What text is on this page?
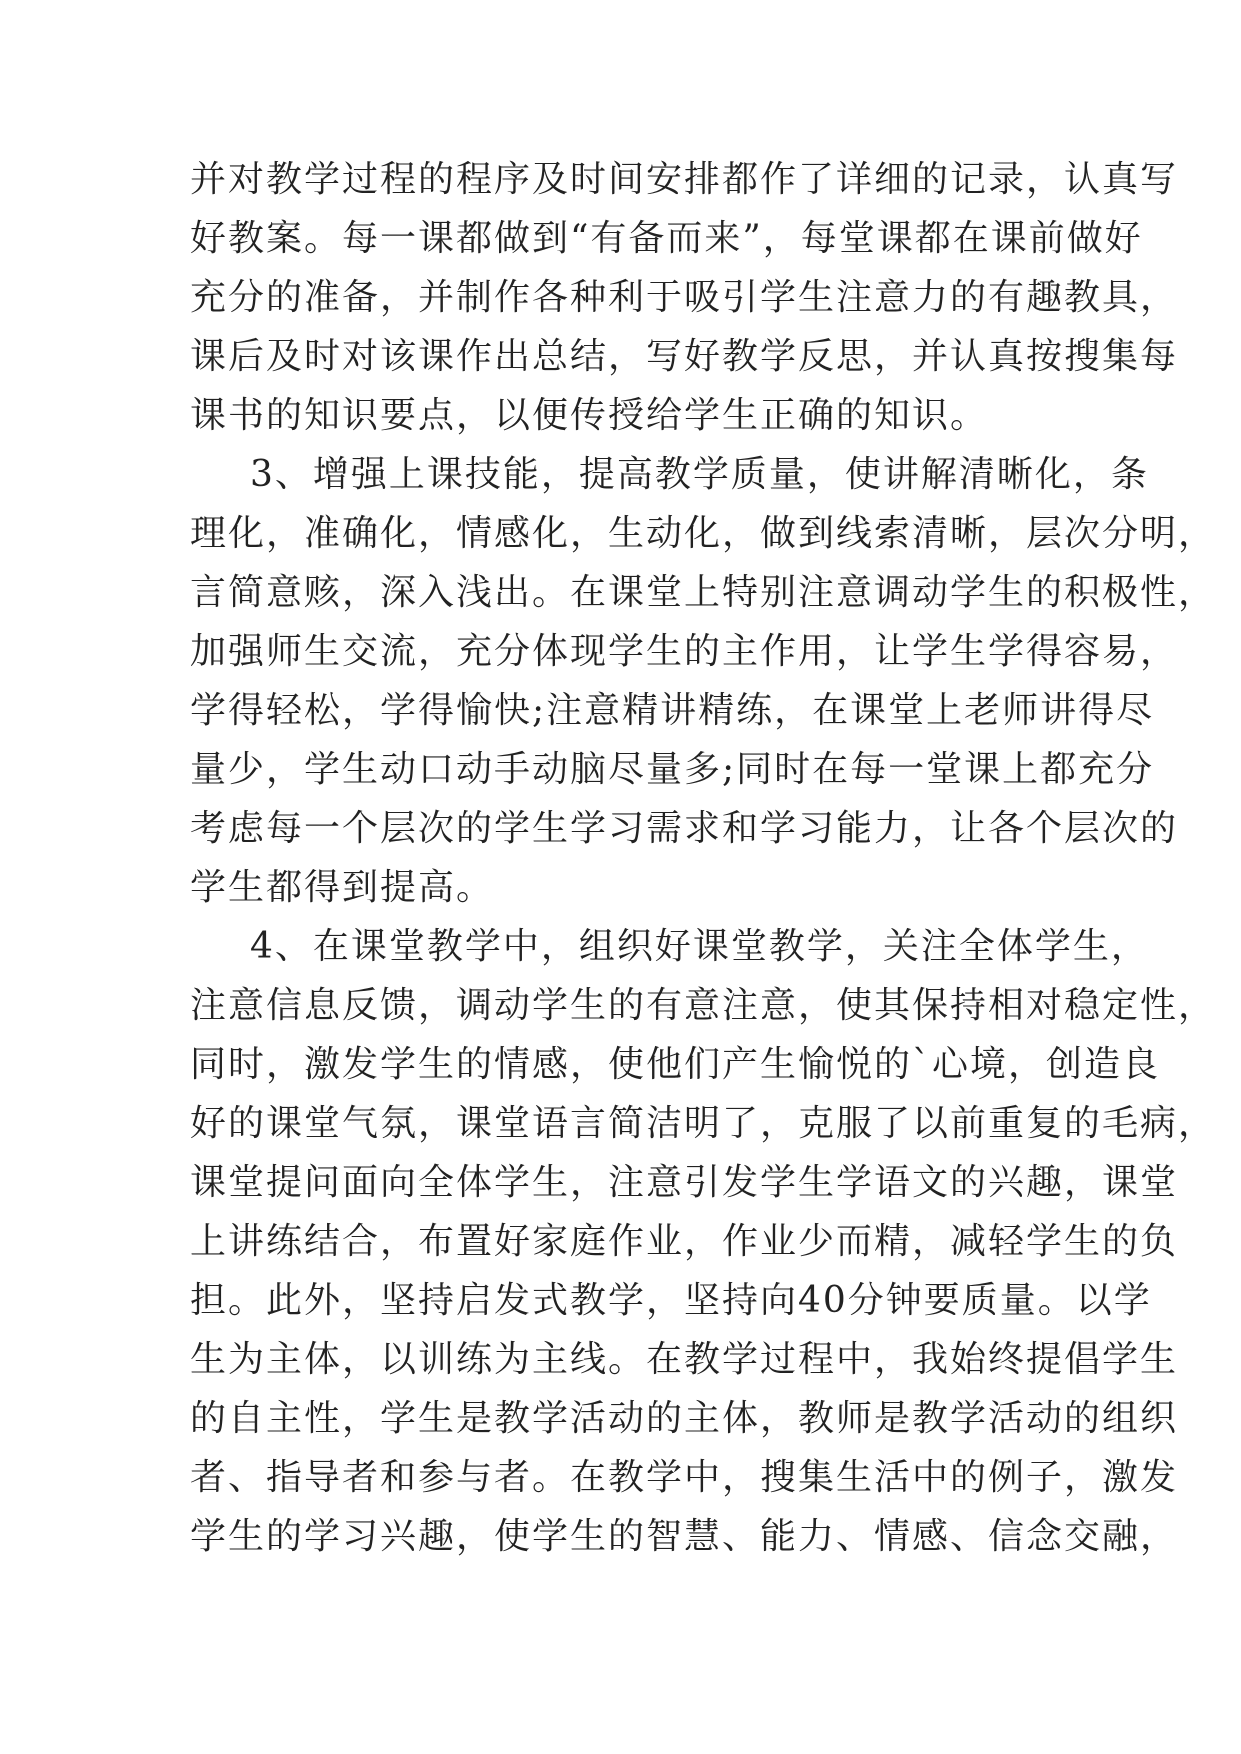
并对教学过程的程序及时间安排都作了详细的记录，认真写
好教案。每一课都做到“有备而来”，每堂课都在课前做好
充分的准备，并制作各种利于吸引学生注意力的有趣教具，
课后及时对该课作出总结，写好教学反思，并认真按搜集每
课书的知识要点，以便传授给学生正确的知识。
3、增强上课技能，提高教学质量，使讲解清晰化，条
理化，准确化，情感化，生动化，做到线索清晰，层次分明，
言简意赅，深入浅出。在课堂上特别注意调动学生的积极性，
加强师生交流，充分体现学生的主作用，让学生学得容易，
学得轻松，学得愉快;注意精讲精练，在课堂上老师讲得尽
量少，学生动口动手动脑尽量多;同时在每一堂课上都充分
考虑每一个层次的学生学习需求和学习能力，让各个层次的
学生都得到提高。
4、在课堂教学中，组织好课堂教学，关注全体学生，
注意信息反馈，调动学生的有意注意，使其保持相对稳定性，
同时，激发学生的情感，使他们产生愉悦的`心境，创造良
好的课堂气氛，课堂语言简洁明了，克服了以前重复的毛病，
课堂提问面向全体学生，注意引发学生学语文的兴趣，课堂
上讲练结合，布置好家庭作业，作业少而精，减轻学生的负
担。此外，坚持启发式教学，坚持向40分钟要质量。以学
生为主体，以训练为主线。在教学过程中，我始终提倡学生
的自主性，学生是教学活动的主体，教师是教学活动的组织
者、指导者和参与者。在教学中，搜集生活中的例子，激发
学生的学习兴趣，使学生的智慧、能力、情感、信念交融，
